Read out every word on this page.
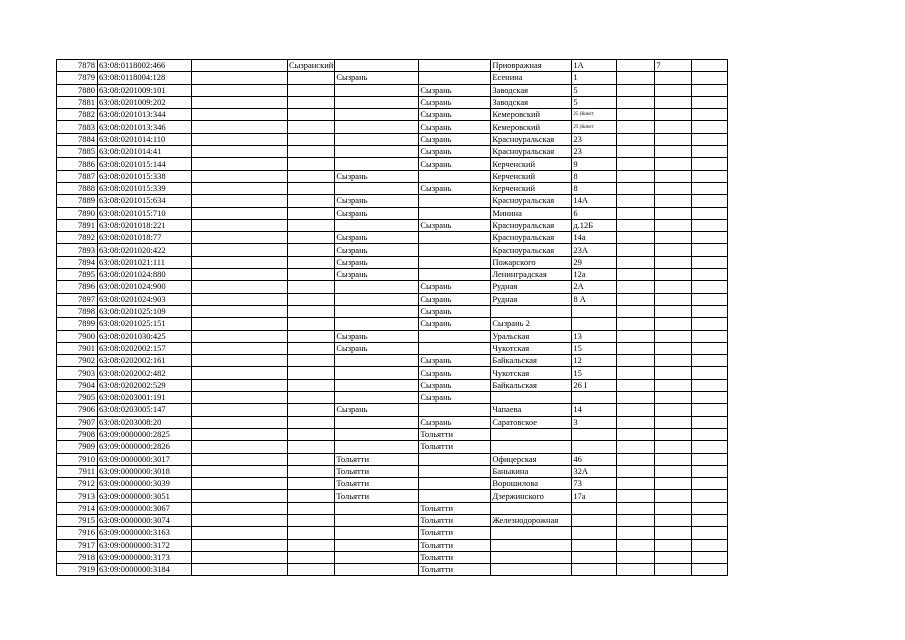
7878	63:08:0118002:466		Сызранский			Приовражная	1А		7	
7879	63:08:0118004:128			Сызрань		Есенина	1			
7880	63:08:0201009:101				Сызрань	Заводская	5			
7881	63:08:0201009:202				Сызрань	Заводская	5			
7882	63:08:0201013:344				Сызрань	Кемеровский	25 (Конст			
7883	63:08:0201013:346				Сызрань	Кемеровский	25 (Конст			
7884	63:08:0201014:110				Сызрань	Красноуральская	23			
7885	63:08:0201014:41				Сызрань	Красноуральская	23			
7886	63:08:0201015:144				Сызрань	Керченский	9			
7887	63:08:0201015:338			Сызрань		Керченский	8			
7888	63:08:0201015:339				Сызрань	Керченский	8			
7889	63:08:0201015:634			Сызрань		Красноуральская	14А			
7890	63:08:0201015:710			Сызрань		Минина	6			
7891	63:08:0201018:221				Сызрань	Красноуральская	д.12Б			
7892	63:08:0201018:77			Сызрань		Красноуральская	14а			
7893	63:08:0201020:422			Сызрань		Красноуральская	23А			
7894	63:08:0201021:111			Сызрань		Пожарского	29			
7895	63:08:0201024:880			Сызрань		Ленинградская	12а			
7896	63:08:0201024:900				Сызрань	Рудная	2А			
7897	63:08:0201024:903				Сызрань	Рудная	8 А			
7898	63:08:0201025:109				Сызрань					
7899	63:08:0201025:151				Сызрань	Сызрань 2				
7900	63:08:0201030:425			Сызрань		Уральская	13			
7901	63:08:0202002:157			Сызрань		Чукотская	15			
7902	63:08:0202002:161				Сызрань	Байкальская	12			
7903	63:08:0202002:482				Сызрань	Чукотская	15			
7904	63:08:0202002:529				Сызрань	Байкальская	26 I			
7905	63:08:0203001:191				Сызрань					
7906	63:08:0203005:147			Сызрань		Чапаева	14			
7907	63:08:0203008:20				Сызрань	Саратовское	3			
7908	63:09:0000000:2825				Тольятти					
7909	63:09:0000000:2826				Тольятти					
7910	63:09:0000000:3017			Тольятти		Офицерская	46			
7911	63:09:0000000:3018			Тольятти		Баныкина	32А			
7912	63:09:0000000:3039			Тольятти		Ворошилова	73			
7913	63:09:0000000:3051			Тольятти		Дзержинского	17а			
7914	63:09:0000000:3067				Тольятти					
7915	63:09:0000000:3074				Тольятти	Железнодорожная				
7916	63:09:0000000:3163				Тольятти					
7917	63:09:0000000:3172				Тольятти					
7918	63:09:0000000:3173				Тольятти					
7919	63:09:0000000:3184				Тольятти					
